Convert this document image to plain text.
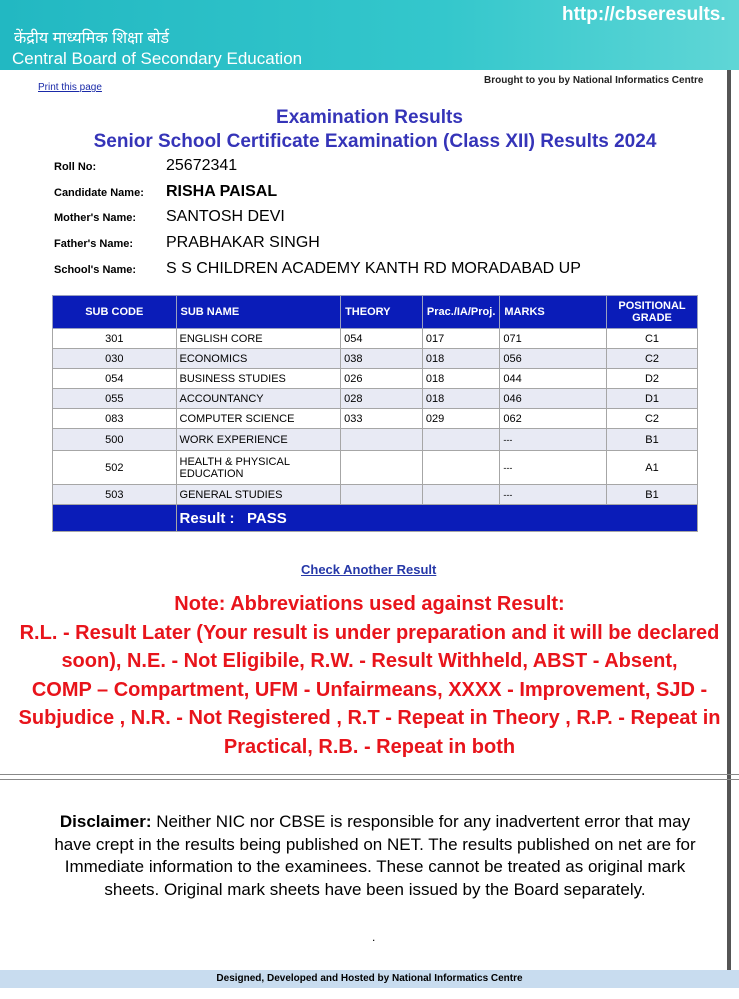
http://cbseresults.
केंद्रीय माध्यमिक शिक्षा बोर्ड
Central Board of Secondary Education
Print this page
Brought to you by National Informatics Centre
Examination Results
Senior School Certificate Examination (Class XII) Results 2024
Roll No:	25672341
Candidate Name: RISHA PAISAL
Mother's Name: SANTOSH DEVI
Father's Name: PRABHAKAR SINGH
School's Name: S S CHILDREN ACADEMY KANTH RD MORADABAD UP
SUB CODE	SUB NAME	THEORY	Prac./IA/Proj.	MARKS	POSITIONAL GRADE
301	ENGLISH CORE	054	017	071	C1
030	ECONOMICS	038	018	056	C2
054	BUSINESS STUDIES	026	018	044	D2
055	ACCOUNTANCY	028	018	046	D1
083	COMPUTER SCIENCE	033	029	062	C2
500	WORK EXPERIENCE			---	B1
502	HEALTH & PHYSICAL EDUCATION			---	A1
503	GENERAL STUDIES			---	B1
	Result :   PASS				
Check Another Result
Note: Abbreviations used against Result:
R.L. - Result Later (Your result is under preparation and it will be declared
soon), N.E. - Not Eligibile, R.W. - Result Withheld, ABST - Absent,
COMP – Compartment, UFM - Unfairmeans, XXXX - Improvement, SJD -
Subjudice , N.R. - Not Registered , R.T - Repeat in Theory , R.P. - Repeat in
Practical, R.B. - Repeat in both
Disclaimer: Neither NIC nor CBSE is responsible for any inadvertent error that may have crept in the results being published on NET. The results published on net are for Immediate information to the examinees. These cannot be treated as original mark sheets. Original mark sheets have been issued by the Board separately.
.
Designed, Developed and Hosted by National Informatics Centre
